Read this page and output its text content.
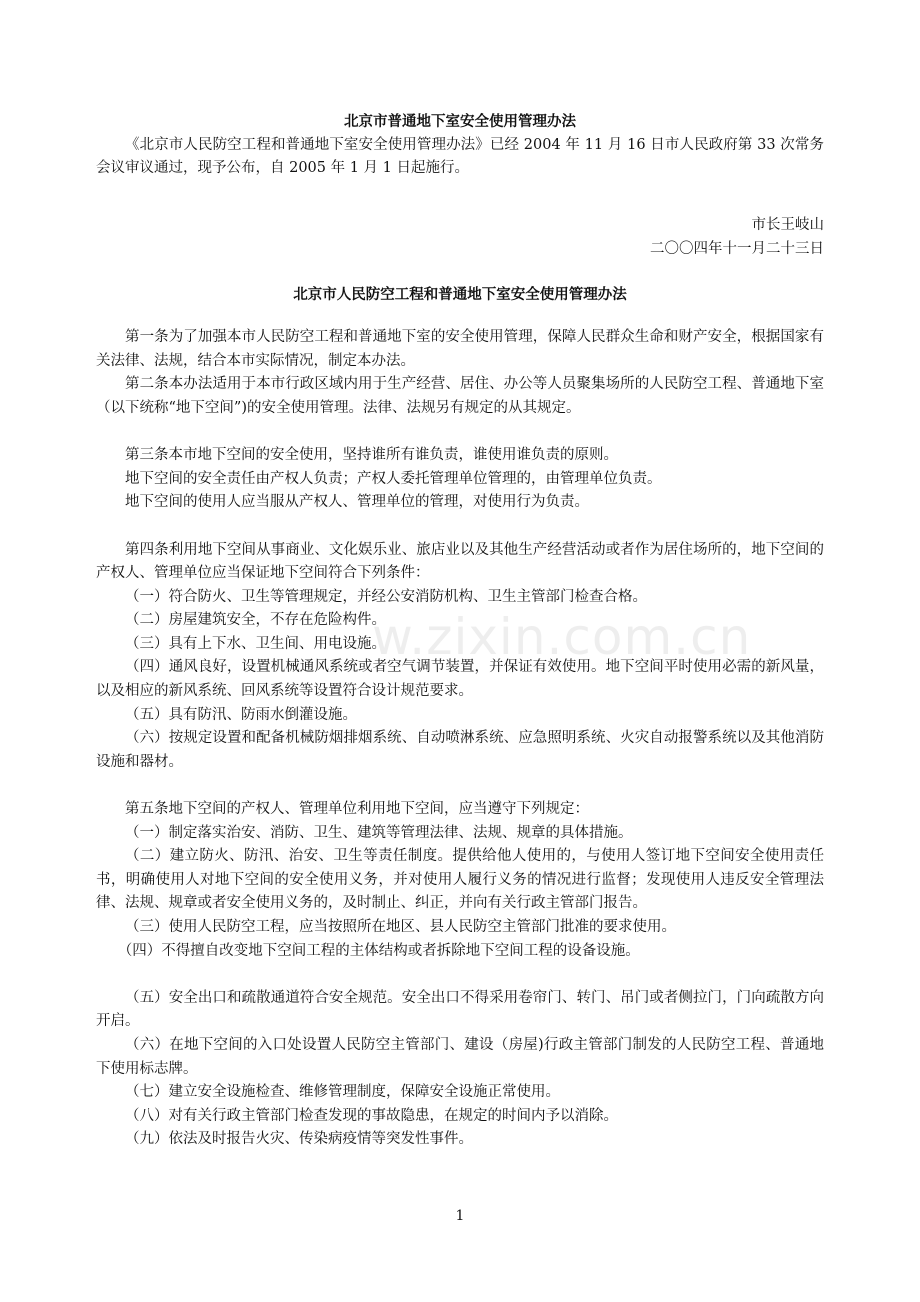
w.zixin.com.cn

北京市普通地下室安全使用管理办法

《北京市人民防空工程和普通地下室安全使用管理办法》已经 2004 年 11 月 16 日市人民政府第 33 次常务会议审议通过，现予公布，自 2005 年 1 月 1 日起施行。

市长王岐山

二〇〇四年十一月二十三日

北京市人民防空工程和普通地下室安全使用管理办法

第一条为了加强本市人民防空工程和普通地下室的安全使用管理，保障人民群众生命和财产安全，根据国家有关法律、法规，结合本市实际情况，制定本办法。

第二条本办法适用于本市行政区域内用于生产经营、居住、办公等人员聚集场所的人民防空工程、普通地下室（以下统称“地下空间”)的安全使用管理。法律、法规另有规定的从其规定。

第三条本市地下空间的安全使用，坚持谁所有谁负责，谁使用谁负责的原则。

地下空间的安全责任由产权人负责；产权人委托管理单位管理的，由管理单位负责。

地下空间的使用人应当服从产权人、管理单位的管理，对使用行为负责。

第四条利用地下空间从事商业、文化娱乐业、旅店业以及其他生产经营活动或者作为居住场所的，地下空间的产权人、管理单位应当保证地下空间符合下列条件：

（一）符合防火、卫生等管理规定，并经公安消防机构、卫生主管部门检查合格。

（二）房屋建筑安全，不存在危险构件。

（三）具有上下水、卫生间、用电设施。

（四）通风良好，设置机械通风系统或者空气调节装置，并保证有效使用。地下空间平时使用必需的新风量，以及相应的新风系统、回风系统等设置符合设计规范要求。

（五）具有防汛、防雨水倒灌设施。

（六）按规定设置和配备机械防烟排烟系统、自动喷淋系统、应急照明系统、火灾自动报警系统以及其他消防设施和器材。

第五条地下空间的产权人、管理单位利用地下空间，应当遵守下列规定：

（一）制定落实治安、消防、卫生、建筑等管理法律、法规、规章的具体措施。

（二）建立防火、防汛、治安、卫生等责任制度。提供给他人使用的，与使用人签订地下空间安全使用责任书，明确使用人对地下空间的安全使用义务，并对使用人履行义务的情况进行监督；发现使用人违反安全管理法律、法规、规章或者安全使用义务的，及时制止、纠正，并向有关行政主管部门报告。

（三）使用人民防空工程，应当按照所在地区、县人民防空主管部门批准的要求使用。

（四）不得擅自改变地下空间工程的主体结构或者拆除地下空间工程的设备设施。

（五）安全出口和疏散通道符合安全规范。安全出口不得采用卷帘门、转门、吊门或者侧拉门，门向疏散方向开启。

（六）在地下空间的入口处设置人民防空主管部门、建设（房屋)行政主管部门制发的人民防空工程、普通地下使用标志牌。

（七）建立安全设施检查、维修管理制度，保障安全设施正常使用。

（八）对有关行政主管部门检查发现的事故隐患，在规定的时间内予以消除。

（九）依法及时报告火灾、传染病疫情等突发性事件。

1
